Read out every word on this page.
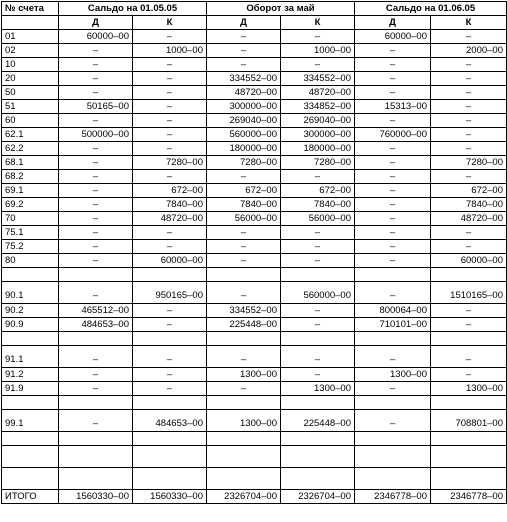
№ счета	Сальдо на 01.05.05		Оборот за май		Сальдо на 01.06.05	
	Д	К	Д	К	Д	К
01	60000–00	–	–	–	60000–00	–
02	–	1000–00	–	1000–00	–	2000–00
10	–	–	–	–	–	–
20	–	–	334552–00	334552–00	–	–
50	–	–	48720–00	48720–00	–	–
51	50165–00	–	300000–00	334852–00	15313–00	–
60	–	–	269040–00	269040–00	–	–
62.1	500000–00	–	560000–00	300000–00	760000–00	–
62.2	–	–	180000–00	180000–00	–	–
68.1	–	7280–00	7280–00	7280–00	–	7280–00
68.2	–	–	–	–	–	–
69.1	–	672–00	672–00	672–00	–	672–00
69.2	–	7840–00	7840–00	7840–00	–	7840–00
70	–	48720–00	56000–00	56000–00	–	48720–00
75.1	–	–	–	–	–	–
75.2	–	–	–	–	–	–
80	–	60000–00	–	–	–	60000–00

90.1	–	950165–00	–	560000–00	–	1510165–00
90.2	465512–00	–	334552–00	–	800064–00	–
90.9	484653–00	–	225448–00	–	710101–00	–

91.1	–	–	–	–	–	–
91.2	–	–	1300–00	–	1300–00	–
91.9	–	–	–	1300–00	–	1300–00

99.1	–	484653–00	1300–00	225448–00	–	708801–00

ИТОГО	1560330–00	1560330–00	2326704–00	2326704–00	2346778–00	2346778–00
